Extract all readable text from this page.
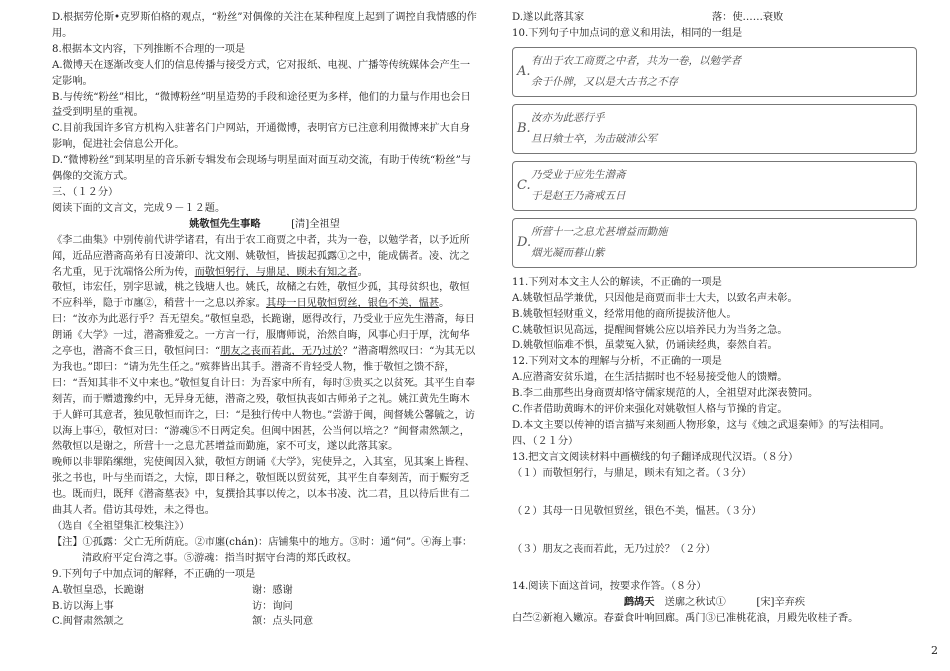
D.根据劳伦斯•克罗斯伯格的观点，“粉丝”对偶像的关注在某种程度上起到了调控自我情感的作用。

8.根据本文内容，下列推断不合理的一项是

A.微博天在逐渐改变人们的信息传播与接受方式，它对报纸、电视、广播等传统媒体会产生一定影响。

B.与传统“粉丝”相比，“微博粉丝”明星造势的手段和途径更为多样，他们的力量与作用也会日益受到明星的重视。

C.目前我国许多官方机构入驻著名门户网站，开通微博，表明官方已注意利用微博来扩大自身影响，促进社会信息公开化。

D.“微博粉丝”到某明星的音乐新专辑发布会现场与明星面对面互动交流，有助于传统“粉丝”与偶像的交流方式。

三、（１２分）

阅读下面的文言文，完成９－１２题。

姚敬恒先生事略　　　	[清]全祖望

《李二曲集》中别传前代讲学诸君，有出于农工商贾之中者，共为一卷，以勉学者，以予近所闻，近品应潜斋高弟有日凌萧印、沈文刚、姚敬恒，皆拔起孤露①之中，能成儒者。凌、沈之名尤重，见于沈端恪公所为传，而敬恒躬行，与鼎足，顾未有知之者。

敬恒，讳宏任，别字思诚，桃之钱塘人也。姚氏，故槠之右姓，敬恒少孤，其母贫织也，敬恒不应科举，隐于市廛②，稍营十一之息以养家。其母一日见敬恒贸丝，银色不美，愠甚。曰：“汝亦为此恶行乎？吾无望矣。”敬恒皇恐，长跪谢，愿得改行，乃受业于应先生潜斋，每日朗诵《大学》一过，潜斋雅爱之。一方言一行，服膺师说，治然自晦，风事心归于厚，沈甸华之亭也，潜斋不食三日，敬恒问曰：“朋友之丧而若此，无乃过於？”潜斋喟然叹曰：“为其无以为我也。”即曰：“请为先生任之。”殡葬皆出其手。潜斋不肯轻受人物，惟于敬恒之馈不辞，曰：“吾知其非不义中来也。”敬恒复自计曰：为吾家中所有，每时③贵买之以贫死。其平生自奉刻苦，而于赠遗豫约中，无异身无徳，潜斋之殁，敬恒执丧如古师弟子之礼。姚江黄先生晦木于人鲜可其意者，独见敬恒而许之，曰：“是独行传中人物也。”尝游于闽，闽督姚公馨毓之，访以海上事④，敬恒对曰：“游魂⑤不日两定矣。但闽中困甚，公当何以培之？”闽督肃然颔之，然敬恒以是谢之，所营十一之息尤甚增益而勤施，家不可支，遂以此落其家。

晚师以非罪陷缧绁，宪使闽因入狱，敬恒方朗诵《大学》，宪使异之，入其室，见其案上皆程、张之书也，叶与坐而语之，大惊，即日释之，敬恒既以贸贫死，其平生自奉刻苦，而于赈穷乏也。既而归，既拜《潜斋墓表》中，复撰拾其事以传之，以本书凌、沈二君，且以待后世有二曲其人者。借访其母姓，未之得也。

（选自《全祖望集汇校集注》）

【注】①孤露：父亡无所荫庇。②市廛(chán)：店铺集中的地方。③时：通“伺”。④海上事：

清政府平定台湾之事。⑤游魂：指当时据守台湾的郑氏政权。

9.下列句子中加点词的解释，不正确的一项是

A.敬恒皇恐，长跪谢	谢：感谢

B.访以海上事	访：询问

C.闽督肃然颔之	颔：点头同意

D.遂以此落其家	落：使……衰败

10.下列句子中加点词的意义和用法，相同的一组是

A.
有出于农工商贾之中者，共为一卷，以勉学者
余于仆牌，又以是大古书之不存
B.
汝亦为此恶行乎
旦日飨士卒，为击破沛公军
C.
乃受业于应先生潜斋
于是赵王乃斋戒五日
D.
所营十一之息尤甚增益而勤施
烟光凝而暮山紫

11.下列对本文主人公的解读，不正确的一项是

A.姚敬恒品学兼优，只因他是商贾而非士大夫，以致名声未彰。

B.姚敬恒轻财重义，经常用他的商所提拔济他人。

C.姚敬恒识见高远，提醒闽督姚公应以培养民力为当务之急。

D.姚敬恒临难不惧，虽蒙冤入狱，仍诵读经典，泰然自若。

12.下列对文本的理解与分析，不正确的一项是

A.应潜斋安贫乐道，在生活拮据时也不轻易接受他人的馈赠。

B.李二曲那些出身商贾却恪守儒家规范的人，全祖望对此深表赞同。

C.作者借助黄晦木的评价来强化对姚敬恒人格与节操的肯定。

D.本文主要以传神的语言描写来刻画人物形象，这与《烛之武退秦师》的写法相同。

四、（２１分）

13.把文言文阅读材料中画横线的句子翻译成现代汉语。（８分）

（１）而敬恒躬行，与鼎足，顾未有知之者。（３分）

（２）其母一日见敬恒贸丝，银色不美，愠甚。（３分）

（３）朋友之丧而若此，无乃过於？（２分）

14.阅读下面这首词，按要求作答。（８分）

鹧鸪天　 送廓之秋试①　　　	[宋]辛弃疾

白苎②新袍入嫩凉。春蚕食叶响回廊。禹门③已准桃花浪，月殿先收桂子香。

2
